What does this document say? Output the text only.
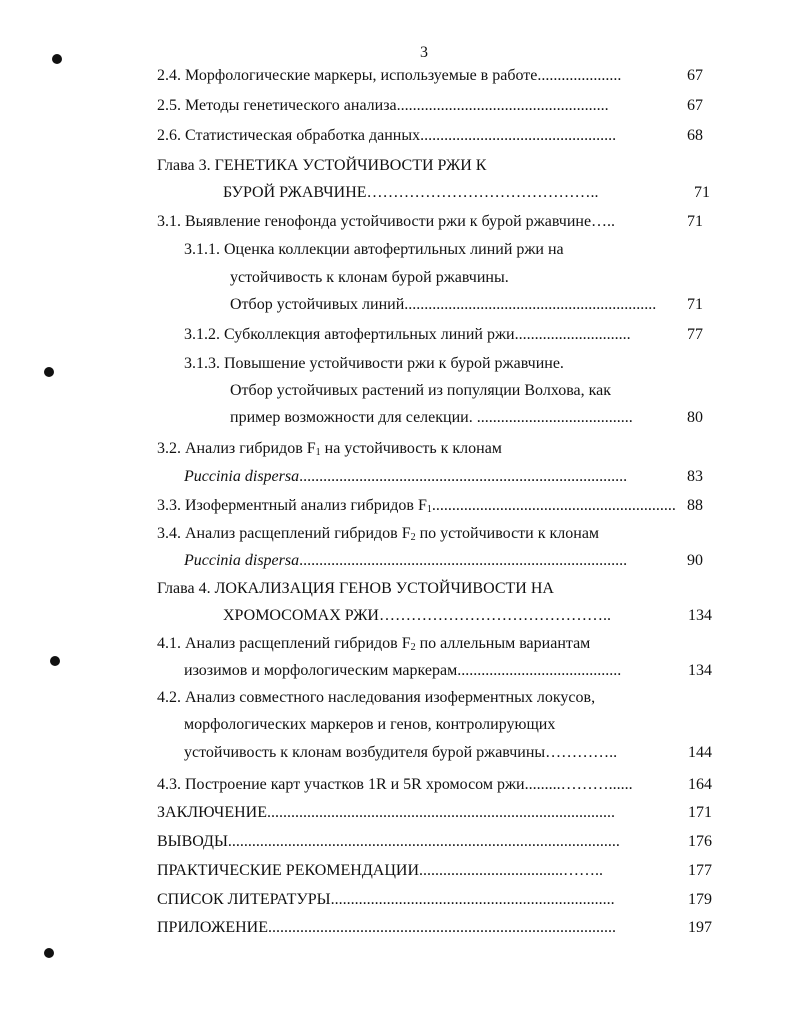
3
2.4. Морфологические маркеры, используемые в работе.....................	67
2.5. Методы генетического анализа.....................................................	67
2.6. Статистическая обработка данных.................................................	68
Глава 3. ГЕНЕТИКА УСТОЙЧИВОСТИ РЖИ К
БУРОЙ РЖАВЧИНЕ……………………………………..	71
3.1. Выявление генофонда устойчивости ржи к бурой ржавчине…..	71
3.1.1. Оценка коллекции автофертильных линий ржи на
устойчивость к клонам бурой ржавчины.
Отбор устойчивых линий...............................................................	71
3.1.2. Субколлекция автофертильных линий ржи.............................	77
3.1.3. Повышение устойчивости ржи к бурой ржавчине.
Отбор устойчивых растений из популяции Волхова, как
пример возможности для селекции. .......................................	80
3.2. Анализ гибридов $F_1$ на устойчивость к клонам
Puccinia dispersa..................................................................................	83
3.3. Изоферментный анализ гибридов $F_1$............................................................. 88
3.4. Анализ расщеплений гибридов $F_2$ по устойчивости к клонам
Puccinia dispersa..................................................................................	90
Глава 4. ЛОКАЛИЗАЦИЯ ГЕНОВ УСТОЙЧИВОСТИ НА
ХРОМОСОМАХ РЖИ……………………………………..	134
4.1. Анализ расщеплений гибридов $F_2$ по аллельным вариантам
изозимов и морфологическим маркерам.........................................	134
4.2. Анализ совместного наследования изоферментных локусов,
морфологических маркеров и генов, контролирующих
устойчивость к клонам возбудителя бурой ржавчины…………..	144
4.3. Построение карт участков 1R и 5R хромосом ржи.........………......	164
ЗАКЛЮЧЕНИЕ.......................................................................................	171
ВЫВОДЫ..................................................................................................	176
ПРАКТИЧЕСКИЕ РЕКОМЕНДАЦИИ....................................……..	177
СПИСОК ЛИТЕРАТУРЫ.......................................................................	179
ПРИЛОЖЕНИЕ.......................................................................................	197
